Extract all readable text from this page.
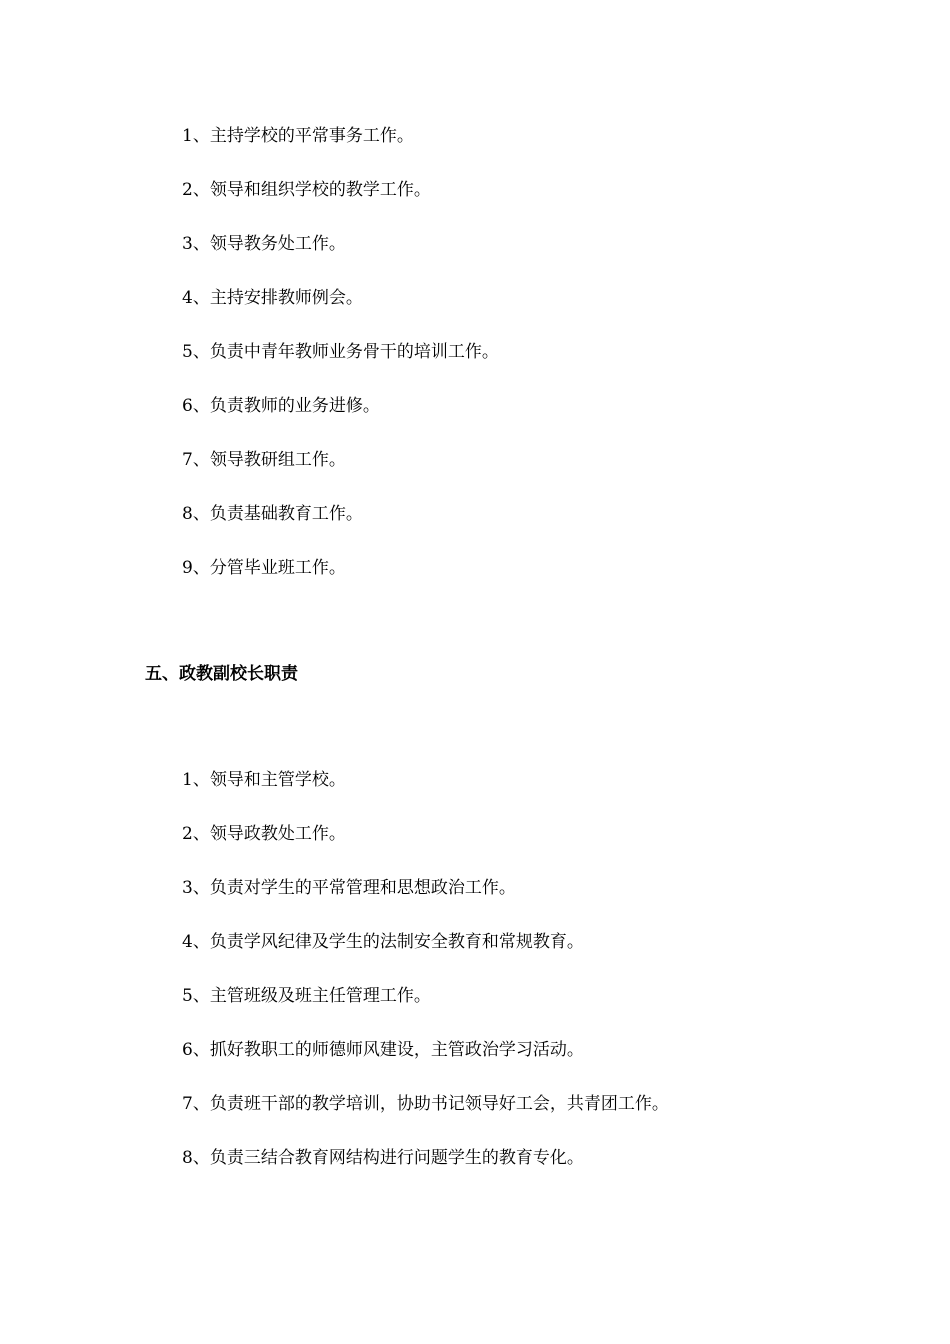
1、主持学校的平常事务工作。
2、领导和组织学校的教学工作。
3、领导教务处工作。
4、主持安排教师例会。
5、负责中青年教师业务骨干的培训工作。
6、负责教师的业务进修。
7、领导教研组工作。
8、负责基础教育工作。
9、分管毕业班工作。
五、政教副校长职责
1、领导和主管学校。
2、领导政教处工作。
3、负责对学生的平常管理和思想政治工作。
4、负责学风纪律及学生的法制安全教育和常规教育。
5、主管班级及班主任管理工作。
6、抓好教职工的师德师风建设，主管政治学习活动。
7、负责班干部的教学培训，协助书记领导好工会，共青团工作。
8、负责三结合教育网结构进行问题学生的教育专化。
